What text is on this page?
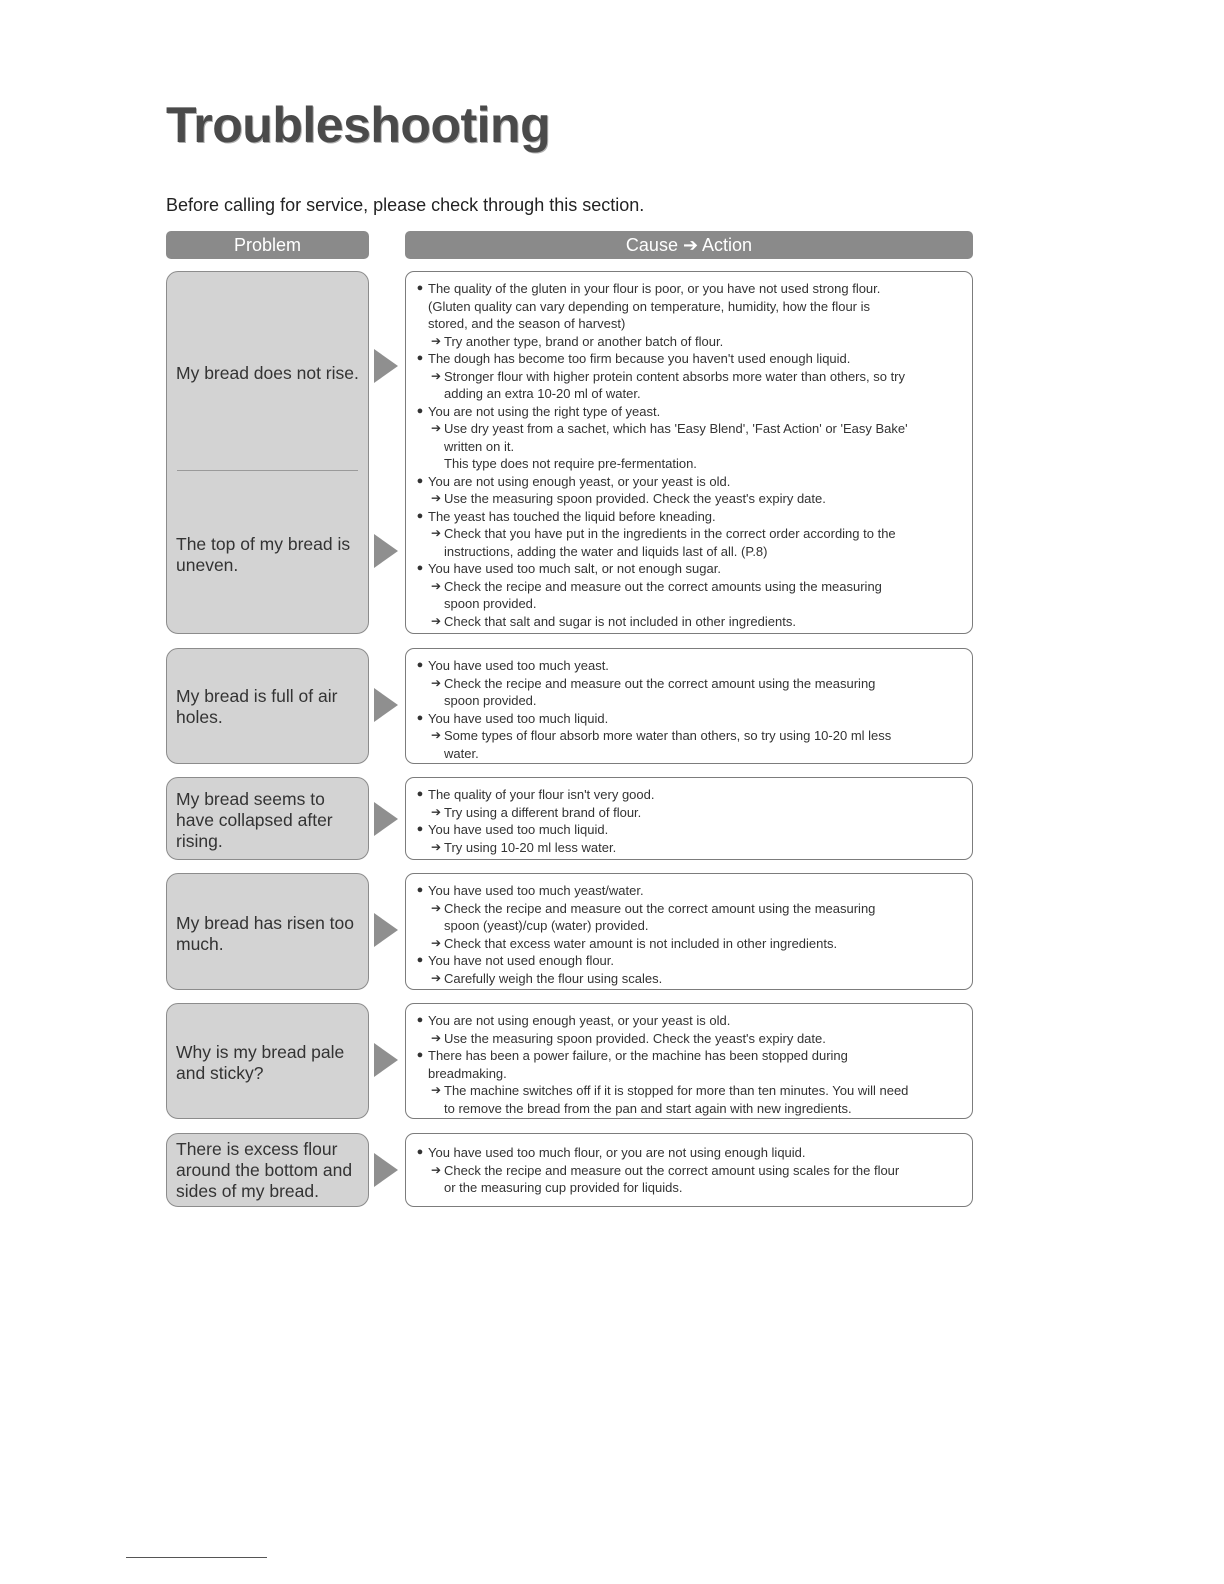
Troubleshooting
Before calling for service, please check through this section.
Problem	Cause ➔ Action
My bread does not rise.
The top of my bread is uneven.
● The quality of the gluten in your flour is poor, or you have not used strong flour.
(Gluten quality can vary depending on temperature, humidity, how the flour is
stored, and the season of harvest)
➔ Try another type, brand or another batch of flour.
● The dough has become too firm because you haven't used enough liquid.
➔ Stronger flour with higher protein content absorbs more water than others, so try
adding an extra 10-20 ml of water.
● You are not using the right type of yeast.
➔ Use dry yeast from a sachet, which has 'Easy Blend', 'Fast Action' or 'Easy Bake'
written on it.
This type does not require pre-fermentation.
● You are not using enough yeast, or your yeast is old.
➔ Use the measuring spoon provided. Check the yeast's expiry date.
● The yeast has touched the liquid before kneading.
➔ Check that you have put in the ingredients in the correct order according to the
instructions, adding the water and liquids last of all. (P.8)
● You have used too much salt, or not enough sugar.
➔ Check the recipe and measure out the correct amounts using the measuring
spoon provided.
➔ Check that salt and sugar is not included in other ingredients.
My bread is full of air holes.
● You have used too much yeast.
➔ Check the recipe and measure out the correct amount using the measuring
spoon provided.
● You have used too much liquid.
➔ Some types of flour absorb more water than others, so try using 10-20 ml less
water.
My bread seems to have collapsed after rising.
● The quality of your flour isn't very good.
➔ Try using a different brand of flour.
● You have used too much liquid.
➔ Try using 10-20 ml less water.
My bread has risen too much.
● You have used too much yeast/water.
➔ Check the recipe and measure out the correct amount using the measuring
spoon (yeast)/cup (water) provided.
➔ Check that excess water amount is not included in other ingredients.
● You have not used enough flour.
➔ Carefully weigh the flour using scales.
Why is my bread pale and sticky?
● You are not using enough yeast, or your yeast is old.
➔ Use the measuring spoon provided. Check the yeast's expiry date.
● There has been a power failure, or the machine has been stopped during
breadmaking.
➔ The machine switches off if it is stopped for more than ten minutes. You will need
to remove the bread from the pan and start again with new ingredients.
There is excess flour around the bottom and sides of my bread.
● You have used too much flour, or you are not using enough liquid.
➔ Check the recipe and measure out the correct amount using scales for the flour
or the measuring cup provided for liquids.
